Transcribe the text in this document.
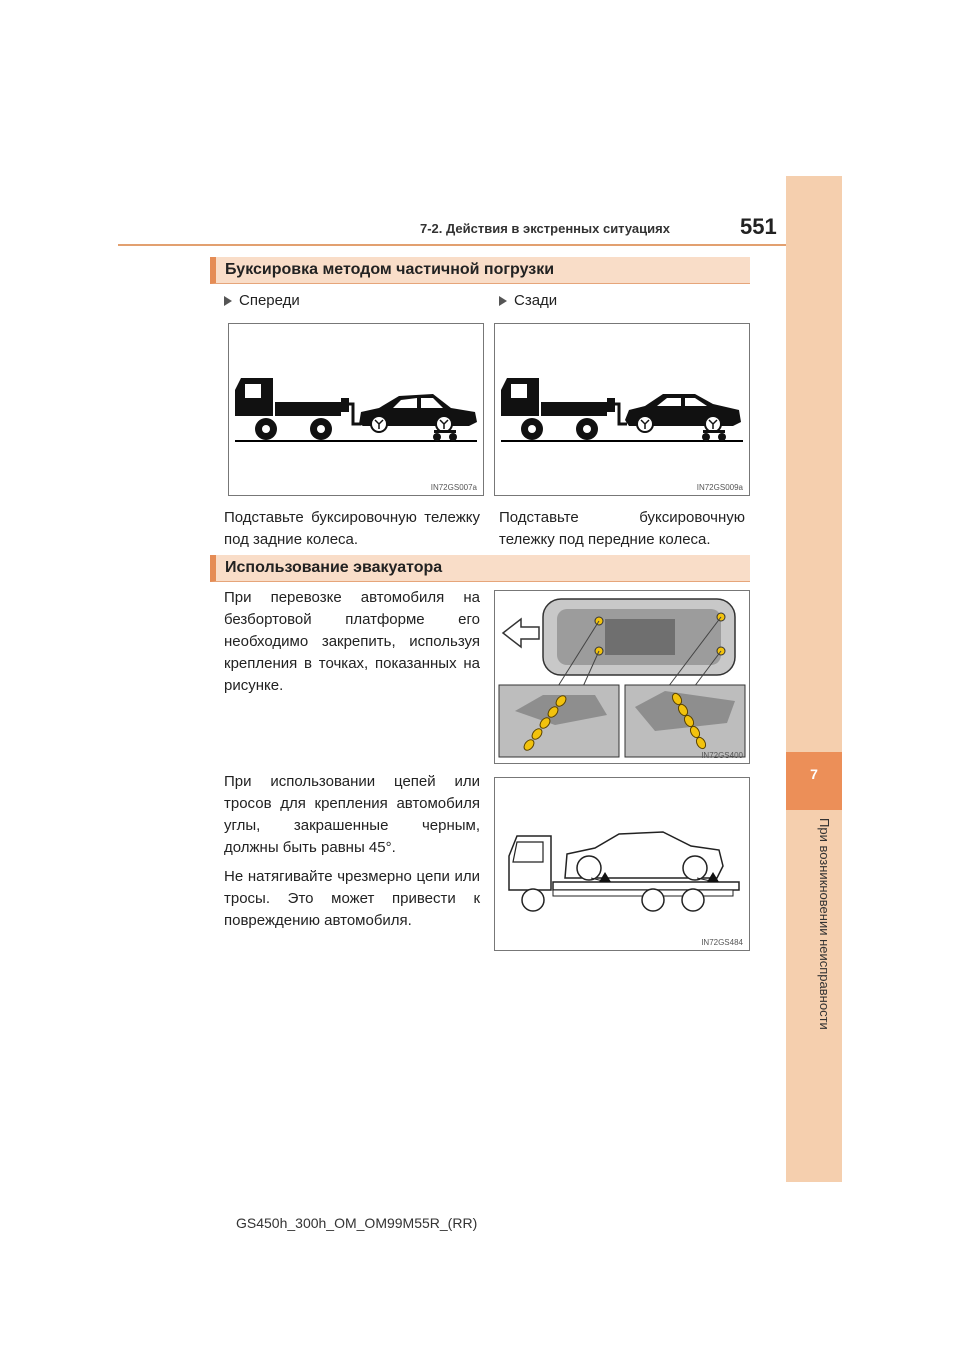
7-2. Действия в экстренных ситуациях	551
7
При возникновении неисправности
Буксировка методом частичной погрузки
Спереди	Сзади
IN72GS007a	IN72GS009a

Подставьте буксировочную тележку под задние колеса.

Подставьте буксировочную тележку под передние колеса.

Использование эвакуатора

При перевозке автомобиля на безбортовой платформе его необходимо закрепить, используя крепления в точках, показанных на рисунке.

IN72GS400

При использовании цепей или тросов для крепления автомобиля углы, закрашенные черным, должны быть равны 45°.

Не натягивайте чрезмерно цепи или тросы. Это может привести к повреждению автомобиля.

IN72GS484
GS450h_300h_OM_OM99M55R_(RR)
